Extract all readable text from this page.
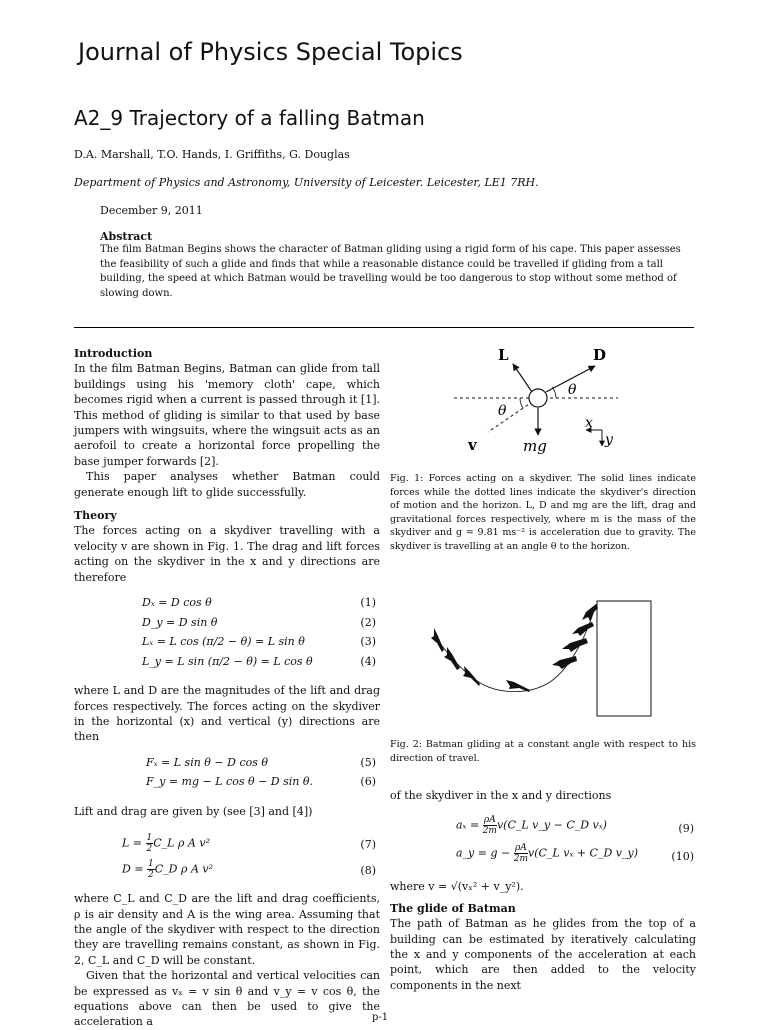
Journal of Physics Special Topics
A2_9 Trajectory of a falling Batman
D.A. Marshall, T.O. Hands, I. Griffiths, G. Douglas
Department of Physics and Astronomy, University of Leicester. Leicester, LE1 7RH.
December 9, 2011
Abstract
The film Batman Begins shows the character of Batman gliding using a rigid form of his cape. This paper assesses the feasibility of such a glide and finds that while a reasonable distance could be travelled if gliding from a tall building, the speed at which Batman would be travelling would be too dangerous to stop without some method of slowing down.
Introduction

In the film Batman Begins, Batman can glide from tall buildings using his 'memory cloth' cape, which becomes rigid when a current is passed through it [1]. This method of gliding is similar to that used by base jumpers with wingsuits, where the wingsuit acts as an aerofoil to create a horizontal force propelling the base jumper forwards [2].

This paper analyses whether Batman could generate enough lift to glide successfully.

Theory

The forces acting on a skydiver travelling with a velocity v are shown in Fig. 1. The drag and lift forces acting on the skydiver in the x and y directions are therefore

Dₓ = D cos θ	(1)
D_y = D sin θ	(2)
Lₓ = L cos (π/2 − θ) = L sin θ	(3)
L_y = L sin (π/2 − θ) = L cos θ	(4)

where L and D are the magnitudes of the lift and drag forces respectively. The forces acting on the skydiver in the horizontal (x) and vertical (y) directions are then

Fₓ = L sin θ − D cos θ	(5)
F_y = mg − L cos θ − D sin θ.	(6)

Lift and drag are given by (see [3] and [4])

$L = \frac{1}{2}$ C_L ρ A v²	(7)
$D = \frac{1}{2}$ C_D ρ A v²	(8)

where C_L and C_D are the lift and drag coefficients, ρ is air density and A is the wing area. Assuming that the angle of the skydiver with respect to the direction they are travelling remains constant, as shown in Fig. 2, C_L and C_D will be constant.

Given that the horizontal and vertical velocities can be expressed as vₓ = v sin θ and v_y = v cos θ, the equations above can then be used to give the acceleration a

L	D
v	mg
θ
θ
x
y
Fig. 1: Forces acting on a skydiver. The solid lines indicate forces while the dotted lines indicate the skydiver's direction of motion and the horizon. L, D and mg are the lift, drag and gravitational forces respectively, where m is the mass of the skydiver and g = 9.81 ms⁻² is acceleration due to gravity. The skydiver is travelling at an angle θ to the horizon.
Fig. 2: Batman gliding at a constant angle with respect to his direction of travel.

of the skydiver in the x and y directions

$a_x = \frac{\rho A}{2m}$ v(C_L v_y − C_D vₓ)	(9)
a_y = $g - \frac{\rho A}{2m}$ v(C_L vₓ + C_D v_y)	(10)

where v = √(vₓ² + v_y²).

The glide of Batman

The path of Batman as he glides from the top of a building can be estimated by iteratively calculating the x and y components of the acceleration at each point, which are then added to the velocity components in the next

p-1
